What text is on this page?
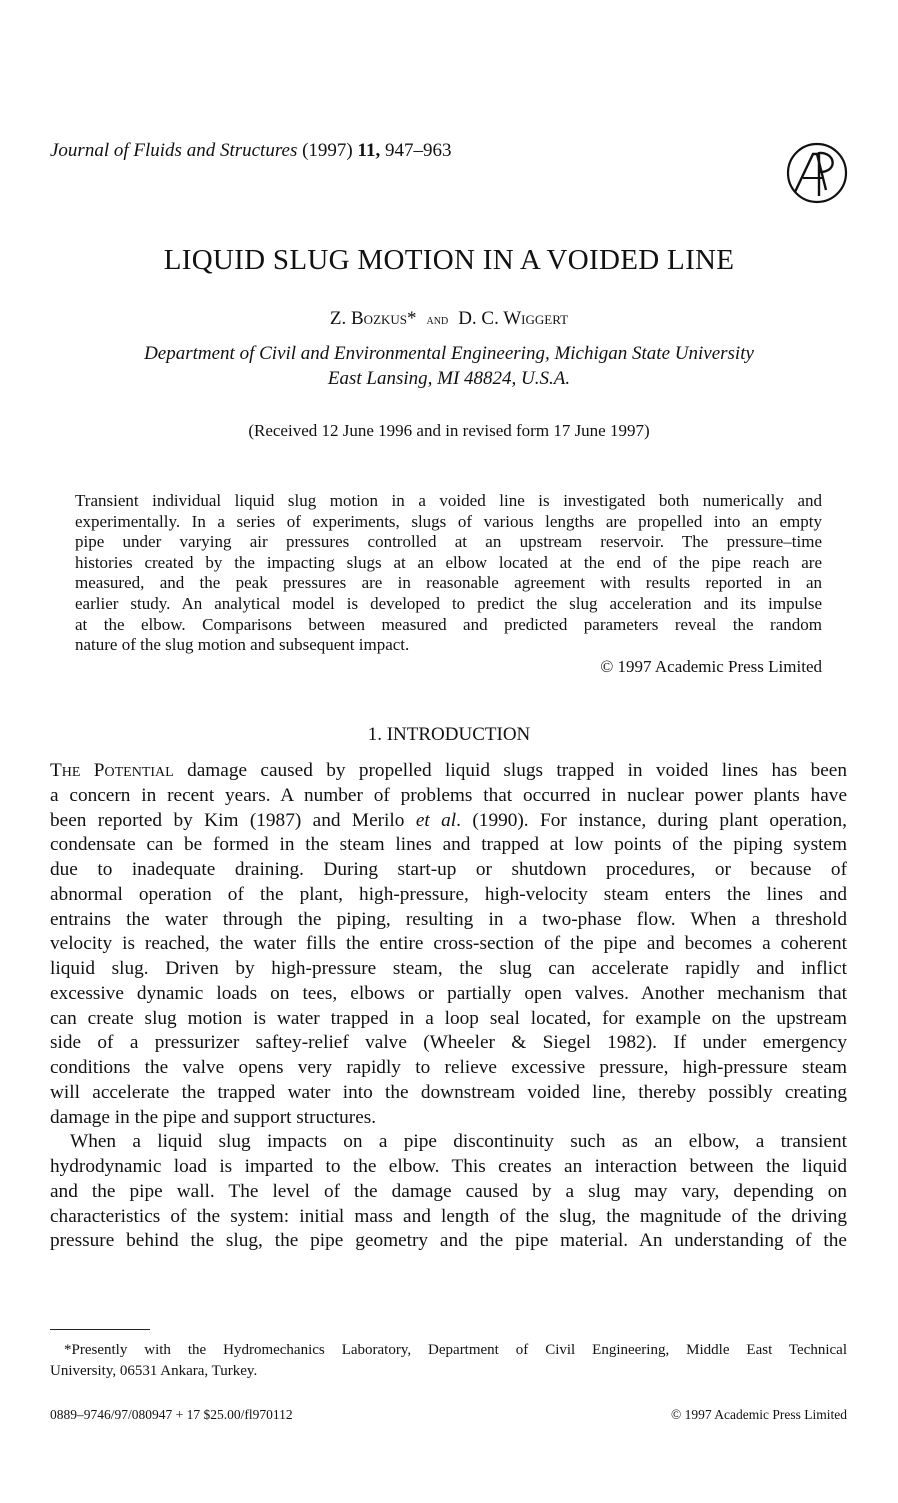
Journal of Fluids and Structures (1997) 11, 947–963
LIQUID SLUG MOTION IN A VOIDED LINE
Z. Bozkus* and D. C. Wiggert
Department of Civil and Environmental Engineering, Michigan State University
East Lansing, MI 48824, U.S.A.
(Received 12 June 1996 and in revised form 17 June 1997)
Transient individual liquid slug motion in a voided line is investigated both numerically and
experimentally. In a series of experiments, slugs of various lengths are propelled into an empty
pipe under varying air pressures controlled at an upstream reservoir. The pressure–time
histories created by the impacting slugs at an elbow located at the end of the pipe reach are
measured, and the peak pressures are in reasonable agreement with results reported in an
earlier study. An analytical model is developed to predict the slug acceleration and its impulse
at the elbow. Comparisons between measured and predicted parameters reveal the random
nature of the slug motion and subsequent impact.
© 1997 Academic Press Limited
1. INTRODUCTION
The Potential damage caused by propelled liquid slugs trapped in voided lines has been
a concern in recent years. A number of problems that occurred in nuclear power plants have
been reported by Kim (1987) and Merilo et al. (1990). For instance, during plant operation,
condensate can be formed in the steam lines and trapped at low points of the piping system
due to inadequate draining. During start-up or shutdown procedures, or because of
abnormal operation of the plant, high-pressure, high-velocity steam enters the lines and
entrains the water through the piping, resulting in a two-phase flow. When a threshold
velocity is reached, the water fills the entire cross-section of the pipe and becomes a coherent
liquid slug. Driven by high-pressure steam, the slug can accelerate rapidly and inflict
excessive dynamic loads on tees, elbows or partially open valves. Another mechanism that
can create slug motion is water trapped in a loop seal located, for example on the upstream
side of a pressurizer saftey-relief valve (Wheeler & Siegel 1982). If under emergency
conditions the valve opens very rapidly to relieve excessive pressure, high-pressure steam
will accelerate the trapped water into the downstream voided line, thereby possibly creating
damage in the pipe and support structures.
When a liquid slug impacts on a pipe discontinuity such as an elbow, a transient
hydrodynamic load is imparted to the elbow. This creates an interaction between the liquid
and the pipe wall. The level of the damage caused by a slug may vary, depending on
characteristics of the system: initial mass and length of the slug, the magnitude of the driving
pressure behind the slug, the pipe geometry and the pipe material. An understanding of the
*Presently with the Hydromechanics Laboratory, Department of Civil Engineering, Middle East Technical
University, 06531 Ankara, Turkey.
0889–9746/97/080947 + 17 $25.00/fl970112	© 1997 Academic Press Limited
